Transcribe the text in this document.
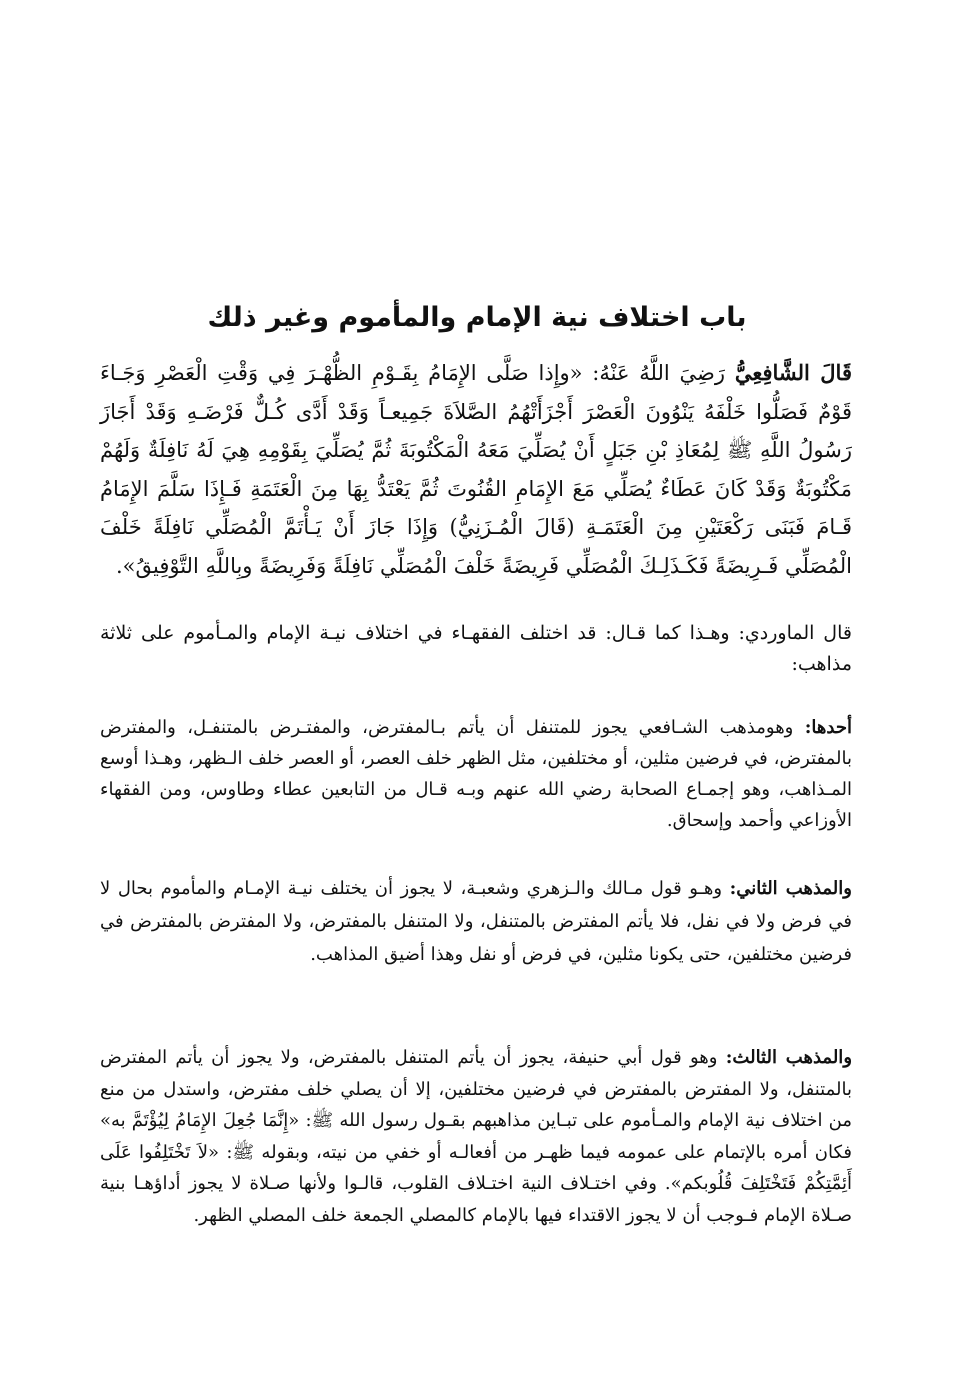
باب اختلاف نية الإمام والمأموم وغير ذلك

قَالَ الشَّافِعِيُّ رَضِيَ اللَّهُ عَنْهُ: «وإِذا صَلَّى الإِمَامُ بِقَـوْمِ الظُّهْـرَ فِي وَقْتِ الْعَصْرِ وَجَـاءَ قَوْمٌ فَصَلُّوا خَلْفَهُ يَنْوُونَ الْعَصْرَ أَجْزَأَتْهُمُ الصَّلاَةَ جَمِيعـاً وَقَدْ أَدَّى كُـلٌّ فَرْضَـهِ وَقَدْ أَجَازَ رَسُولُ اللَّهِ ﷺ لِمُعَاذِ بْنِ جَبَلٍ أَنْ يُصَلِّيَ مَعَهُ الْمَكْتُوبَةَ ثُمَّ يُصَلِّيَ بِقَوْمِهِ هِيَ لَهُ نَافِلَةٌ وَلَهُمْ مَكْتُوبَةٌ وَقَدْ كَانَ عَطَاءٌ يُصَلِّي مَعَ الإِمَامِ القُنُوتَ ثُمَّ يَعْتَدُّ بِهَا مِنَ الْعَتَمَةِ فَـإِذَا سَلَّمَ الإِمَامُ قَـامَ فَبَنَى رَكْعَتَيْنِ مِنَ الْعَتَمَـةِ (قَالَ الْمُـزَنِيُّ) وَإِذَا جَازَ أَنْ يَـأْتَمَّ الْمُصَلِّي نَافِلَةً خَلْفَ الْمُصَلِّي فَـرِيضَةً فَكَـذَلِـكَ الْمُصَلِّي فَرِيضَةً خَلْفَ الْمُصَلِّي نَافِلَةً وَفَرِيضَةً وبِاللَّهِ التَّوْفِيقُ».

قال الماوردي: وهـذا كما قـال: قد اختلف الفقهـاء في اختلاف نيـة الإمام والمـأموم على ثلاثة مذاهب:

أحدها: وهومذهب الشـافعي يجوز للمتنفل أن يأتم بـالمفترض، والمفتـرض بالمتنفـل، والمفترض بالمفترض، في فرضين مثلين، أو مختلفين، مثل الظهر خلف العصر، أو العصر خلف الـظهر، وهـذا أوسع المـذاهب، وهو إجمـاع الصحابة رضي الله عنهم وبـه قـال من التابعين عطاء وطاوس، ومن الفقهاء الأوزاعي وأحمد وإسحاق.

والمذهب الثاني: وهـو قول مـالك والـزهري وشعبـة، لا يجوز أن يختلف نيـة الإمـام والمأموم بحال لا في فرض ولا في نفل، فلا يأتم المفترض بالمتنفل، ولا المتنفل بالمفترض، ولا المفترض بالمفترض في فرضين مختلفين، حتى يكونا مثلين، في فرض أو نفل وهذا أضيق المذاهب.

والمذهب الثالث: وهو قول أبي حنيفة، يجوز أن يأتم المتنفل بالمفترض، ولا يجوز أن يأتم المفترض بالمتنفل، ولا المفترض بالمفترض في فرضين مختلفين، إلا أن يصلي خلف مفترض، واستدل من منع من اختلاف نية الإمام والمـأموم على تبـاين مذاهبهم بقـول رسول الله ﷺ: «إِنَّمَا جُعِلَ الإِمَامُ لِيُؤْتَمَّ به» فكان أمره بالإتمام على عمومه فيما ظهـر من أفعالـه أو خفي من نيته، وبقوله ﷺ: «لاَ تَخْتَلِفُوا عَلَى أَئِمَّتِكُمْ فَتَخْتَلِفَ قُلُوبكم». وفي اختـلاف النية اختـلاف القلوب، قالـوا ولأنها صـلاة لا يجوز أداؤهـا بنية صـلاة الإمام فـوجب أن لا يجوز الاقتداء فيها بالإمام كالمصلي الجمعة خلف المصلي الظهر.
